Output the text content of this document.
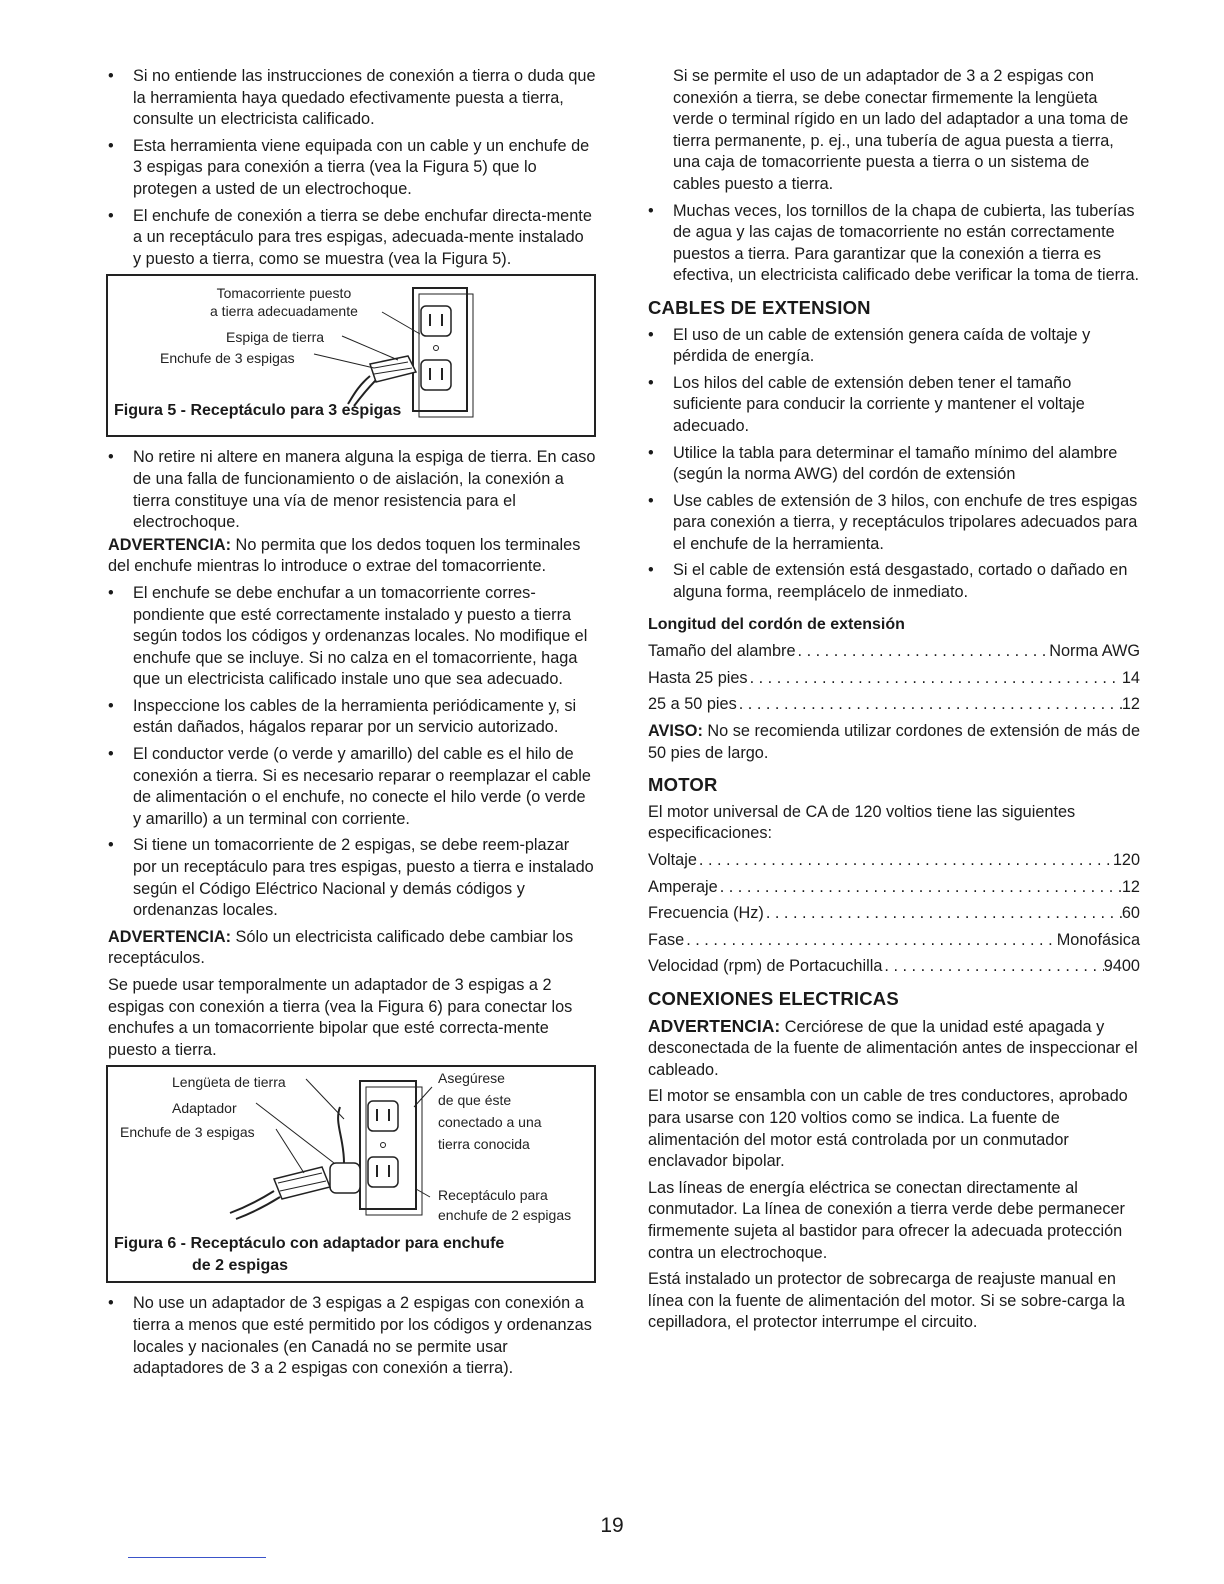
• Si no entiende las instrucciones de conexión a tierra o duda que la herramienta haya quedado efectivamente puesta a tierra, consulte un electricista calificado.
• Esta herramienta viene equipada con un cable y un enchufe de 3 espigas para conexión a tierra (vea la Figura 5) que lo protegen a usted de un electrochoque.
• El enchufe de conexión a tierra se debe enchufar directa-mente a un receptáculo para tres espigas, adecuada-mente instalado y puesto a tierra, como se muestra (vea la Figura 5).
Tomacorriente puesto
a tierra adecuadamente
Espiga de tierra
Enchufe de 3 espigas
Figura 5 - Receptáculo para 3 espigas
• No retire ni altere en manera alguna la espiga de tierra. En caso de una falla de funcionamiento o de aislación, la conexión a tierra constituye una vía de menor resistencia para el electrochoque.

ADVERTENCIA: No permita que los dedos toquen los terminales del enchufe mientras lo introduce o extrae del tomacorriente.

• El enchufe se debe enchufar a un tomacorriente corres-pondiente que esté correctamente instalado y puesto a tierra según todos los códigos y ordenanzas locales. No modifique el enchufe que se incluye. Si no calza en el tomacorriente, haga que un electricista calificado instale uno que sea adecuado.
• Inspeccione los cables de la herramienta periódicamente y, si están dañados, hágalos reparar por un servicio autorizado.
• El conductor verde (o verde y amarillo) del cable es el hilo de conexión a tierra. Si es necesario reparar o reemplazar el cable de alimentación o el enchufe, no conecte el hilo verde (o verde y amarillo) a un terminal con corriente.
• Si tiene un tomacorriente de 2 espigas, se debe reem-plazar por un receptáculo para tres espigas, puesto a tierra e instalado según el Código Eléctrico Nacional y demás códigos y ordenanzas locales.

ADVERTENCIA: Sólo un electricista calificado debe cambiar los receptáculos.

Se puede usar temporalmente un adaptador de 3 espigas a 2 espigas con conexión a tierra (vea la Figura 6) para conectar los enchufes a un tomacorriente bipolar que esté correcta-mente puesto a tierra.

Lengüeta de tierra
Adaptador
Enchufe de 3 espigas
Asegúrese
de que éste
conectado a una
tierra conocida
Receptáculo para
enchufe de 2 espigas
Figura 6 - Receptáculo con adaptador para enchufe
de 2 espigas
• No use un adaptador de 3 espigas a 2 espigas con conexión a tierra a menos que esté permitido por los códigos y ordenanzas locales y nacionales (en Canadá no se permite usar adaptadores de 3 a 2 espigas con conexión a tierra).

Si se permite el uso de un adaptador de 3 a 2 espigas con conexión a tierra, se debe conectar firmemente la lengüeta verde o terminal rígido en un lado del adaptador a una toma de tierra permanente, p. ej., una tubería de agua puesta a tierra, una caja de tomacorriente puesta a tierra o un sistema de cables puesto a tierra.

• Muchas veces, los tornillos de la chapa de cubierta, las tuberías de agua y las cajas de tomacorriente no están correctamente puestos a tierra. Para garantizar que la conexión a tierra es efectiva, un electricista calificado debe verificar la toma de tierra.
CABLES DE EXTENSION
• El uso de un cable de extensión genera caída de voltaje y pérdida de energía.
• Los hilos del cable de extensión deben tener el tamaño suficiente para conducir la corriente y mantener el voltaje adecuado.
• Utilice la tabla para determinar el tamaño mínimo del alambre (según la norma AWG) del cordón de extensión
• Use cables de extensión de 3 hilos, con enchufe de tres espigas para conexión a tierra, y receptáculos tripolares adecuados para el enchufe de la herramienta.
• Si el cable de extensión está desgastado, cortado o dañado en alguna forma, reemplácelo de inmediato.
Longitud del cordón de extensión
Tamaño del alambre . . .	Norma AWG
Hasta 25 pies . . .	14
25 a 50 pies . . .	12

AVISO: No se recomienda utilizar cordones de extensión de más de 50 pies de largo.

MOTOR

El motor universal de CA de 120 voltios tiene las siguientes especificaciones:

Voltaje . . .	120
Amperaje . . .	12
Frecuencia (Hz) . . .	60
Fase . . .	Monofásica
Velocidad (rpm) de Portacuchilla . . .	9400
CONEXIONES ELECTRICAS

ADVERTENCIA: Cerciórese de que la unidad esté apagada y desconectada de la fuente de alimentación antes de inspeccionar el cableado.

El motor se ensambla con un cable de tres conductores, aprobado para usarse con 120 voltios como se indica. La fuente de alimentación del motor está controlada por un conmutador enclavador bipolar.

Las líneas de energía eléctrica se conectan directamente al conmutador. La línea de conexión a tierra verde debe permanecer firmemente sujeta al bastidor para ofrecer la adecuada protección contra un electrochoque.

Está instalado un protector de sobrecarga de reajuste manual en línea con la fuente de alimentación del motor. Si se sobre-carga la cepilladora, el protector interrumpe el circuito.

19
